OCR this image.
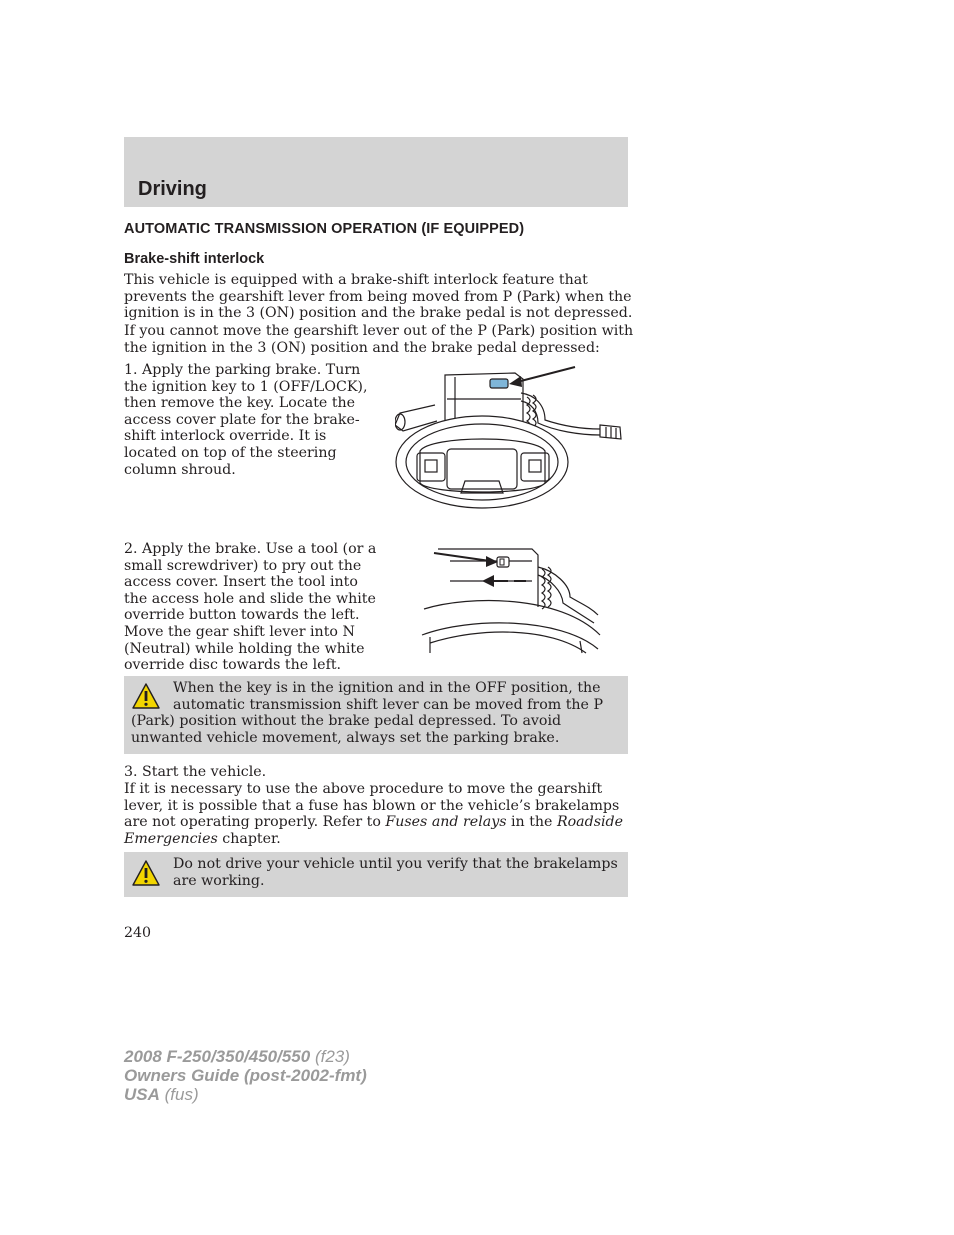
Driving
AUTOMATIC TRANSMISSION OPERATION (IF EQUIPPED)
Brake-shift interlock

This vehicle is equipped with a brake-shift interlock feature that prevents the gearshift lever from being moved from P (Park) when the ignition is in the 3 (ON) position and the brake pedal is not depressed.

If you cannot move the gearshift lever out of the P (Park) position with the ignition in the 3 (ON) position and the brake pedal depressed:

1. Apply the parking brake. Turn the ignition key to 1 (OFF/LOCK), then remove the key. Locate the access cover plate for the brake-shift interlock override. It is located on top of the steering column shroud.

2. Apply the brake. Use a tool (or a small screwdriver) to pry out the access cover. Insert the tool into the access hole and slide the white override button towards the left. Move the gear shift lever into N (Neutral) while holding the white override disc towards the left.

When the key is in the ignition and in the OFF position, the automatic transmission shift lever can be moved from the P (Park) position without the brake pedal depressed. To avoid unwanted vehicle movement, always set the parking brake.

3. Start the vehicle.

If it is necessary to use the above procedure to move the gearshift lever, it is possible that a fuse has blown or the vehicle’s brakelamps are not operating properly. Refer to Fuses and relays in the Roadside Emergencies chapter.

Do not drive your vehicle until you verify that the brakelamps are working.

240

2008 F-250/350/450/550 (f23)
Owners Guide (post-2002-fmt)
USA (fus)
